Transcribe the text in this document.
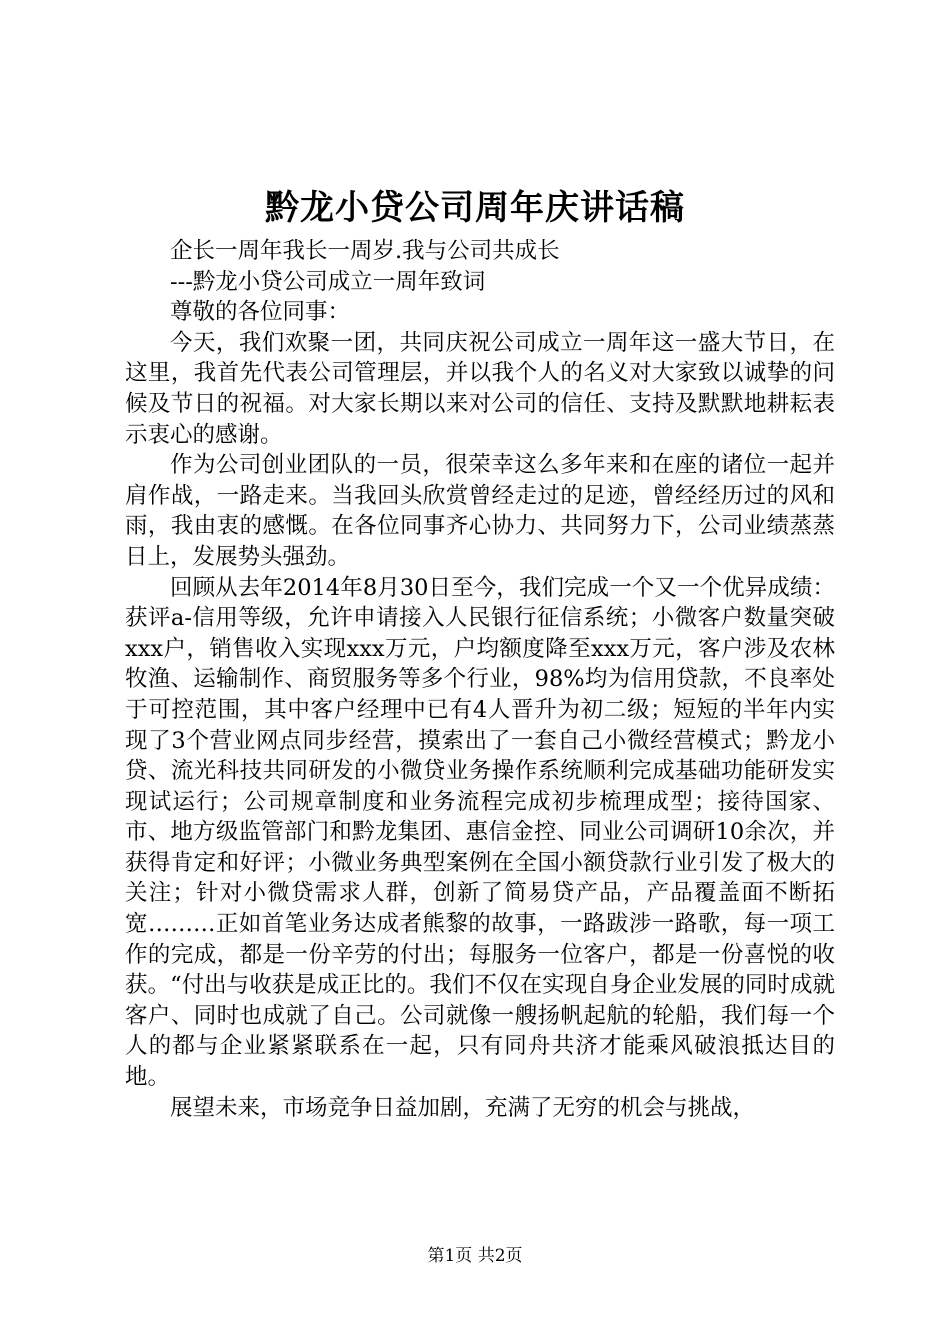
黔龙小贷公司周年庆讲话稿

企长一周年我长一周岁.我与公司共成长

---黔龙小贷公司成立一周年致词

尊敬的各位同事：

今天，我们欢聚一团，共同庆祝公司成立一周年这一盛大节日，在这里，我首先代表公司管理层，并以我个人的名义对大家致以诚挚的问候及节日的祝福。对大家长期以来对公司的信任、支持及默默地耕耘表示衷心的感谢。

作为公司创业团队的一员，很荣幸这么多年来和在座的诸位一起并肩作战，一路走来。当我回头欣赏曾经走过的足迹，曾经经历过的风和雨，我由衷的感慨。在各位同事齐心协力、共同努力下，公司业绩蒸蒸日上，发展势头强劲。

回顾从去年2014年8月30日至今，我们完成一个又一个优异成绩：获评a-信用等级，允许申请接入人民银行征信系统；小微客户数量突破xxx户，销售收入实现xxx万元，户均额度降至xxx万元，客户涉及农林牧渔、运输制作、商贸服务等多个行业，98%均为信用贷款，不良率处于可控范围，其中客户经理中已有4人晋升为初二级；短短的半年内实现了3个营业网点同步经营，摸索出了一套自己小微经营模式；黔龙小贷、流光科技共同研发的小微贷业务操作系统顺利完成基础功能研发实现试运行；公司规章制度和业务流程完成初步梳理成型；接待国家、市、地方级监管部门和黔龙集团、惠信金控、同业公司调研10余次，并获得肯定和好评；小微业务典型案例在全国小额贷款行业引发了极大的关注；针对小微贷需求人群，创新了简易贷产品，产品覆盖面不断拓宽………正如首笔业务达成者熊黎的故事，一路跋涉一路歌，每一项工作的完成，都是一份辛劳的付出；每服务一位客户，都是一份喜悦的收获。“付出与收获是成正比的。我们不仅在实现自身企业发展的同时成就客户、同时也成就了自己。公司就像一艘扬帆起航的轮船，我们每一个人的都与企业紧紧联系在一起，只有同舟共济才能乘风破浪抵达目的地。

展望未来，市场竞争日益加剧，充满了无穷的机会与挑战，

第1页 共2页
